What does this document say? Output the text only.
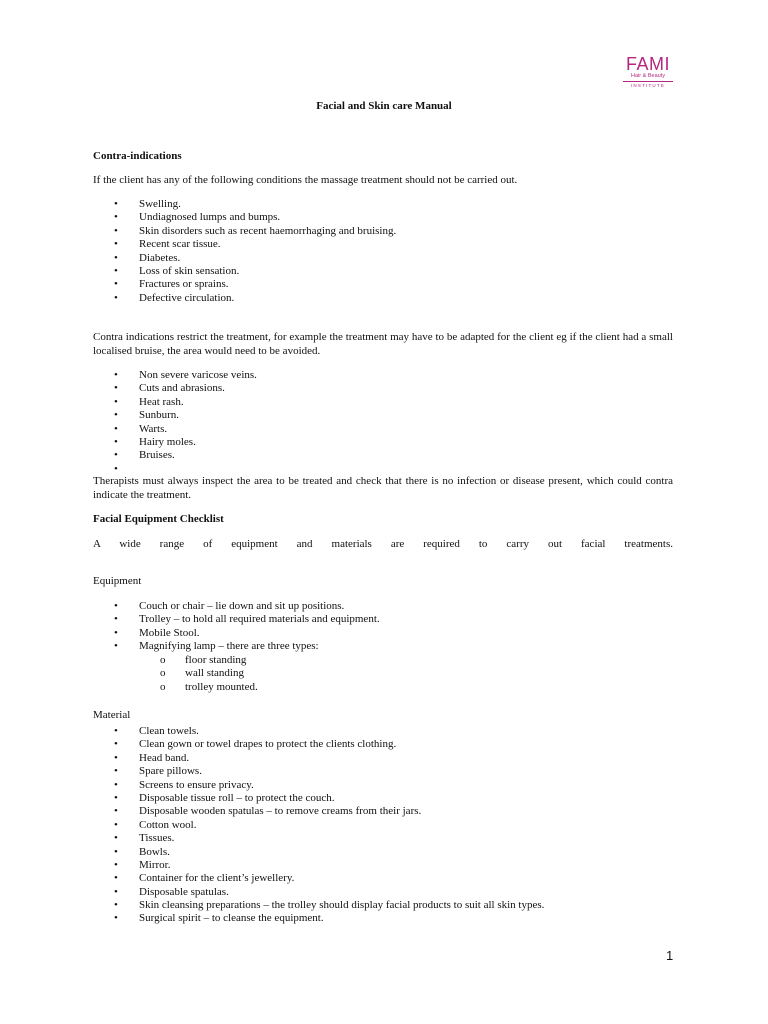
FAMI
Hair & Beauty
INSTITUTE
Facial and Skin care Manual
Contra-indications
If the client has any of the following conditions the massage treatment should not be carried out.
• Swelling.
• Undiagnosed lumps and bumps.
• Skin disorders such as recent haemorrhaging and bruising.
• Recent scar tissue.
• Diabetes.
• Loss of skin sensation.
• Fractures or sprains.
• Defective circulation.
Contra indications restrict the treatment, for example the treatment may have to be adapted for the client eg if the client had a small localised bruise, the area would need to be avoided.
• Non severe varicose veins.
• Cuts and abrasions.
• Heat rash.
• Sunburn.
• Warts.
• Hairy moles.
• Bruises.
•
Therapists must always inspect the area to be treated and check that there is no infection or disease present, which could contra indicate the treatment.
Facial Equipment Checklist
A wide range of equipment and materials are required to carry out facial treatments.
Equipment
• Couch or chair – lie down and sit up positions.
• Trolley – to hold all required materials and equipment.
• Mobile Stool.
• Magnifying lamp – there are three types:
o floor standing
o wall standing
o trolley mounted.
Material
• Clean towels.
• Clean gown or towel drapes to protect the clients clothing.
• Head band.
• Spare pillows.
• Screens to ensure privacy.
• Disposable tissue roll – to protect the couch.
• Disposable wooden spatulas – to remove creams from their jars.
• Cotton wool.
• Tissues.
• Bowls.
• Mirror.
• Container for the client’s jewellery.
• Disposable spatulas.
• Skin cleansing preparations – the trolley should display facial products to suit all skin types.
• Surgical spirit – to cleanse the equipment.
1
